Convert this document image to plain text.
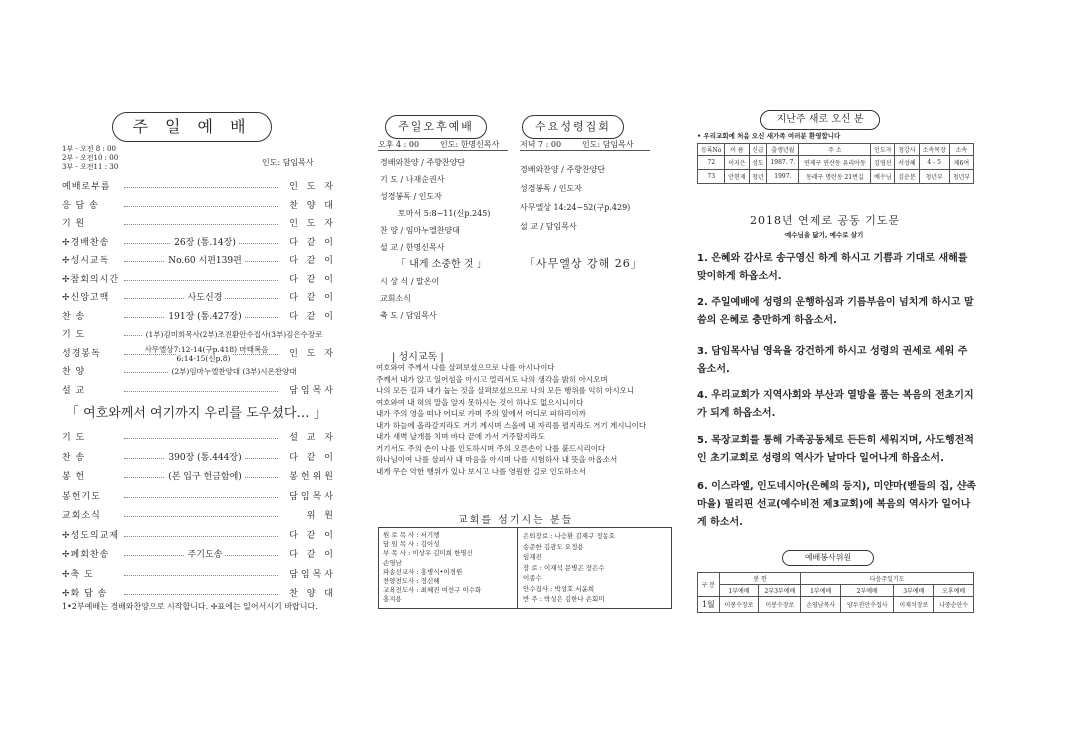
주 일 예 배
1부 - 오전 8 : 00
2부 - 오전10 : 00
3부 - 오전11 : 30	인도: 담임목사
예배로부름	인 도 자
응 답 송	찬 양 대
기 원	인 도 자
✢경배찬송	26장 (통.14장)	다 같 이
✢성시교독	No.60 시편139편	다 같 이
✢참회의시간	다 같 이
✢신앙고백	사도신경	다 같 이
찬 송	191장 (통.427장)	다 같 이
기 도	(1부)김미희목사(2부)조진환안수집사(3부)김은수장로
성경봉독	사무엘상7:12-14(구p.418) 마태복음6:14-15(신p.8)	인 도 자
찬 양	(2부)임마누엘찬양대 (3부)시온찬양대
설 교	담임목사
「 여호와께서 여기까지 우리를 도우셨다… 」
기 도	설 교 자
찬 송	390장 (통.444장)	다 같 이
봉 헌	(본 입구 헌금함에)	봉헌위원
봉헌기도	담임목사
교회소식	위 원
✢성도의교제	다 같 이
✢폐회찬송	주기도송	다 같 이
✢축 도	담임목사
✢화 답 송	찬 양 대
1•2부예배는 경배와찬양으로 시작합니다. ✢표에는 일어서시기 바랍니다.
주일오후예배
오후 4 : 00	인도: 한명신목사
경배와찬양 / 주향찬양단
기 도 / 나재순권사
성경봉독 / 인도자
토마서 5:8~11(신p.245)
찬 양 / 임마누엘찬양대
설 교 / 한명신목사
「 내게 소중한 것 」
시 상 식 / 말온이
교회소식
축 도 / 담임목사
수요성령집회
저녁 7 : 00	인도: 담임목사
경배와찬양 / 주향찬양단
성경봉독 / 인도자
사무엘상 14:24~52(구p.429)
설 교 / 담임목사
「사무엘상 강해 26」
| 성시교독 |
여호와여 주께서 나를 살펴보셨으므로 나를 아시나이다
주께서 내가 앉고 일어섬을 아시고 멀리서도 나의 생각을 밝히 아시오며
나의 모든 길과 내가 눕는 것을 살펴보셨으므로 나의 모든 행위를 익히 아시오니
여호와여 내 혀의 말을 알지 못하시는 것이 하나도 없으시니이다
내가 주의 영을 떠나 어디로 가며 주의 앞에서 어디로 피하리이까
내가 하늘에 올라갈지라도 거기 계시며 스올에 내 자리를 펼지라도 거기 계시니이다
내가 새벽 날개를 치며 바다 끝에 가서 거주할지라도
거기서도 주의 손이 나를 인도하시며 주의 오른손이 나를 붙드시리이다
하나님이여 나를 살피사 내 마음을 아시며 나를 시험하사 내 뜻을 아옵소서
내게 무슨 악한 행위가 있나 보시고 나를 영원한 길로 인도하소서
교회를 섬기시는 분들
원 로 목 사 : 서기행
담 임 목 사 : 김이성
부 목 사 : 이상우 김미희 한명신
손영남
파송선교사 : 홍병식•이경원
찬양전도사 : 정신혜
교육전도사 : 최혜진 여선구 이수화
홍지용
은퇴장로 : 나승환 김재구 정동호
송준한 김광도 오정용
임재진
장 로 : 이재석 문병곤 장은수
이종수
안수집사 : 박성호 서윤희
반 주 : 박성은 김한나 손회미
지난주 새로 오신 분
• 우리교회에 처음 오신 새가족 여러분 환영합니다
등록No	이 름	신급	출생년월	주 소	인도자	청강사	소속목장	소속
72	이지은	성도	1987. 7.	연제구 연산동 유리아동	김영선	서성혜	4 - 5	제6여
73	안현재	청년	1997.	동래구 명란동 21번길	예수님	김순분	청년부	청년부
2018년 연제로 공동 기도문
예수님을 닮기, 예수로 살기
1. 은혜와 감사로 송구영신 하게 하시고 기쁨과 기대로 새해를 맞이하게 하옵소서.
2. 주일예배에 성령의 운행하심과 기름부음이 넘치게 하시고 말씀의 은혜로 충만하게 하옵소서.
3. 담임목사님 영육을 강건하게 하시고 성령의 권세로 세워 주옵소서.
4. 우리교회가 지역사회와 부산과 열방을 품는 복음의 전초기지가 되게 하옵소서.
5. 목장교회를 통해 가족공동체로 든든히 세워지며, 사도행전적인 초기교회로 성령의 역사가 날마다 일어나게 하옵소서.
6. 이스라엘, 인도네시아(은혜의 등지), 미얀마(벧들의 집, 샨족마을) 필리핀 선교(예수비전 제3교회)에 복음의 역사가 일어나게 하소서.
예배봉사위원
구 분	봉 헌		다음주일기도			
	1부예배	2부3부예배	1부예배	2부예배	3부예배	오후예배
1월	이봉수장로	이봉수장로	손영남목사	양두진안수집사	이재석장로	나중순안수
